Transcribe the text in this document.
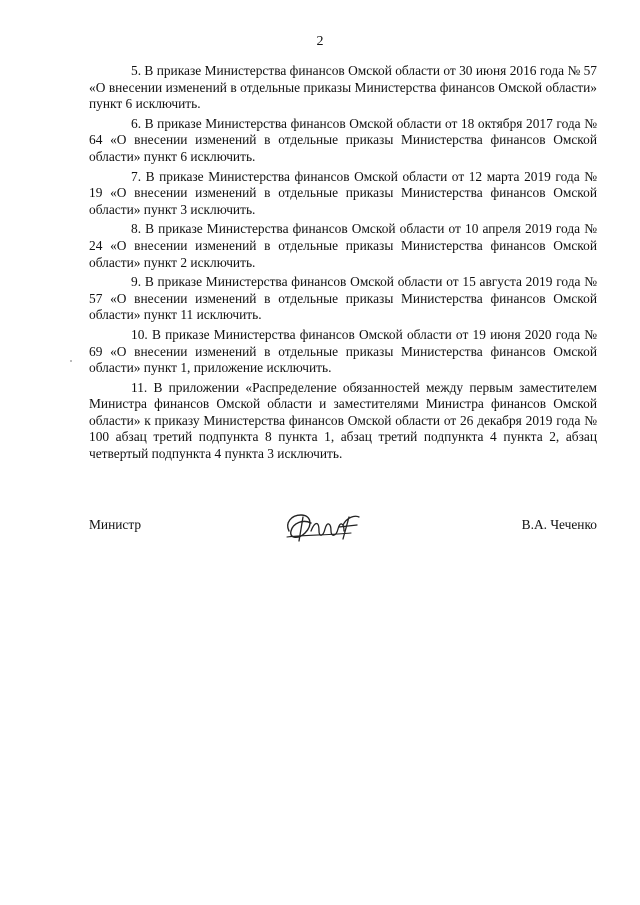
2

5. В приказе Министерства финансов Омской области от 30 июня 2016 года № 57 «О внесении изменений в отдельные приказы Министерства финансов Омской области» пункт 6 исключить.

6. В приказе Министерства финансов Омской области от 18 октября 2017 года № 64 «О внесении изменений в отдельные приказы Министерства финансов Омской области» пункт 6 исключить.

7. В приказе Министерства финансов Омской области от 12 марта 2019 года № 19 «О внесении изменений в отдельные приказы Министерства финансов Омской области» пункт 3 исключить.

8. В приказе Министерства финансов Омской области от 10 апреля 2019 года № 24 «О внесении изменений в отдельные приказы Министерства финансов Омской области» пункт 2 исключить.

9. В приказе Министерства финансов Омской области от 15 августа 2019 года № 57 «О внесении изменений в отдельные приказы Министерства финансов Омской области» пункт 11 исключить.

10. В приказе Министерства финансов Омской области от 19 июня 2020 года № 69 «О внесении изменений в отдельные приказы Министерства финансов Омской области» пункт 1, приложение исключить.

11. В приложении «Распределение обязанностей между первым заместителем Министра финансов Омской области и заместителями Министра финансов Омской области» к приказу Министерства финансов Омской области от 26 декабря 2019 года № 100 абзац третий подпункта 8 пункта 1, абзац третий подпункта 4 пункта 2, абзац четвертый подпункта 4 пункта 3 исключить.

Министр	В.А. Чеченко
